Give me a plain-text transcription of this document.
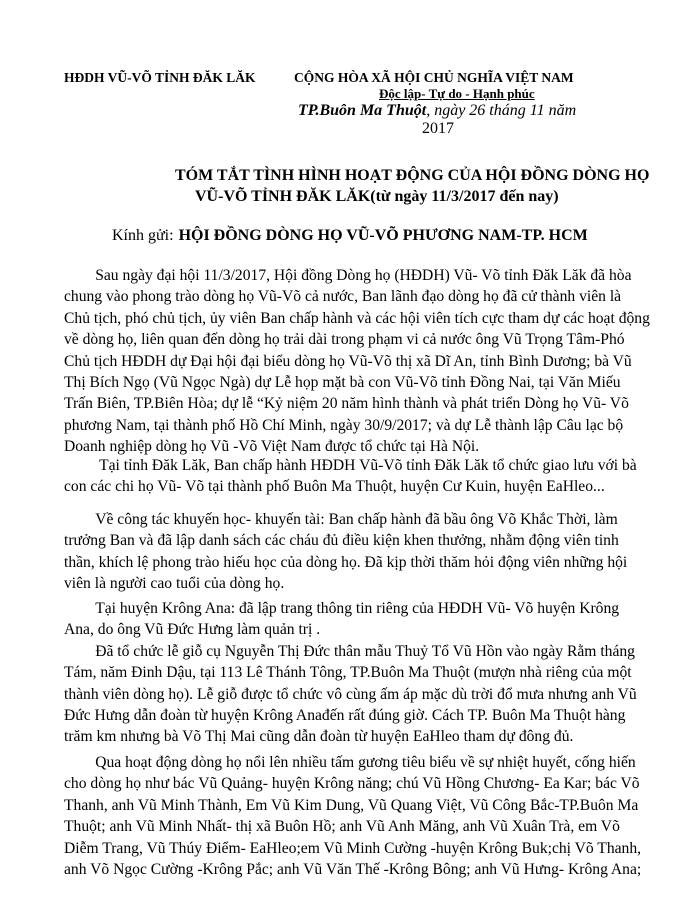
HĐDH VŨ-VÕ TỈNH ĐĂK LĂK	CỘNG HÒA XÃ HỘI CHỦ NGHĨA VIỆT NAM
Độc lập- Tự do - Hạnh phúc
TP.Buôn Ma Thuột, ngày 26 tháng 11 năm
2017
TÓM TẮT TÌNH HÌNH HOẠT ĐỘNG CỦA HỘI ĐỒNG DÒNG HỌ
VŨ-VÕ TỈNH ĐĂK LĂK(từ ngày 11/3/2017 đến nay)
Kính gửi: HỘI ĐỒNG DÒNG HỌ VŨ-VÕ PHƯƠNG NAM-TP. HCM

Sau ngày đại hội 11/3/2017, Hội đồng Dòng họ (HĐDH) Vũ- Võ tỉnh Đăk Lăk đã hòa
chung vào phong trào dòng họ Vũ-Võ cả nước, Ban lãnh đạo dòng họ đã cử thành viên là
Chủ tịch, phó chủ tịch, ủy viên Ban chấp hành và các hội viên tích cực tham dự các hoạt động
về dòng họ, liên quan đến dòng họ trải dài trong phạm vi cả nước ông Vũ Trọng Tâm-Phó
Chủ tịch HĐDH dự Đại hội đại biểu dòng họ Vũ-Võ thị xã Dĩ An, tỉnh Bình Dương; bà Vũ
Thị Bích Ngọ (Vũ Ngọc Ngà) dự Lễ họp mặt bà con Vũ-Võ tỉnh Đồng Nai, tại Văn Miếu
Trấn Biên, TP.Biên Hòa; dự lễ “Kỷ niệm 20 năm hình thành và phát triển Dòng họ Vũ- Võ
phương Nam, tại thành phố Hồ Chí Minh, ngày 30/9/2017; và dự Lễ thành lập Câu lạc bộ
Doanh nghiệp dòng họ Vũ -Võ Việt Nam được tổ chức tại Hà Nội.

Tại tỉnh Đăk Lăk, Ban chấp hành HĐDH Vũ-Võ tỉnh Đăk Lăk tổ chức giao lưu với bà
con các chi họ Vũ- Võ tại thành phố Buôn Ma Thuột, huyện Cư Kuin, huyện EaHleo...

Về công tác khuyến học- khuyến tài: Ban chấp hành đã bầu ông Võ Khắc Thời, làm
trưởng Ban và đã lập danh sách các cháu đủ điều kiện khen thưởng, nhằm động viên tinh
thần, khích lệ phong trào hiếu học của dòng họ. Đã kịp thời thăm hỏi động viên những hội
viên là người cao tuổi của dòng họ.

Tại huyện Krông Ana: đã lập trang thông tin riêng của HĐDH Vũ- Võ huyện Krông
Ana, do ông Vũ Đức Hưng làm quản trị .
Đã tổ chức lễ giỗ cụ Nguyễn Thị Đức thân mẫu Thuỷ Tổ Vũ Hồn vào ngày Rằm tháng
Tám, năm Đinh Dậu, tại 113 Lê Thánh Tông, TP.Buôn Ma Thuột (mượn nhà riêng của một
thành viên dòng họ). Lễ giỗ được tổ chức vô cùng ấm áp mặc dù trời đổ mưa nhưng anh Vũ
Đức Hưng dẫn đoàn từ huyện Krông Anađến rất đúng giờ. Cách TP. Buôn Ma Thuột hàng
trăm km nhưng bà Võ Thị Mai cũng dẫn đoàn từ huyện EaHleo tham dự đông đủ.

Qua hoạt động dòng họ nổi lên nhiều tấm gương tiêu biểu về sự nhiệt huyết, cống hiến
cho dòng họ như bác Vũ Quảng- huyện Krông năng; chú Vũ Hồng Chương- Ea Kar; bác Võ
Thanh, anh Vũ Minh Thành, Em Vũ Kim Dung, Vũ Quang Việt, Vũ Công Bắc-TP.Buôn Ma
Thuột; anh Vũ Minh Nhất- thị xã Buôn Hồ; anh Vũ Anh Măng, anh Vũ Xuân Trà, em Võ
Diễm Trang, Vũ Thúy Điểm- EaHleo;em Vũ Minh Cường -huyện Krông Buk;chị Võ Thanh,
anh Võ Ngọc Cường -Krông Pắc; anh Vũ Văn Thế -Krông Bông; anh Vũ Hưng- Krông Ana;
